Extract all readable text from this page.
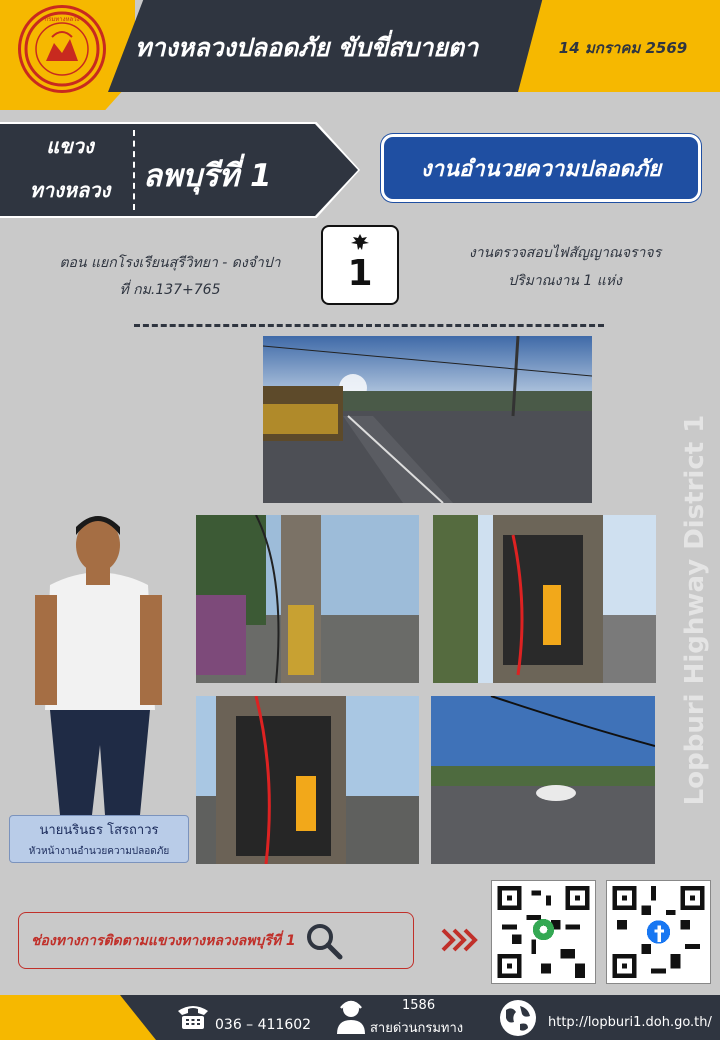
กรมทางหลวง
ทางหลวงปลอดภัย ขับขี่สบายตา	14 มกราคม 2569
แขวง
ทางหลวง	ลพบุรีที่ 1	งานอำนวยความปลอดภัย
ตอน แยกโรงเรียนสุรีวิทยา - ดงจำปา
ที่ กม.137+765	1	งานตรวจสอบไฟสัญญาณจราจร
ปริมาณงาน 1 แห่ง
Lopburi Highway District 1
นายนรินธร โสรถาวร
หัวหน้างานอำนวยความปลอดภัย
ช่องทางการติดตามแขวงทางหลวงลพบุรีที่ 1
036 – 411602
1586
สายด่วนกรมทาง	http://lopburi1.doh.go.th/
